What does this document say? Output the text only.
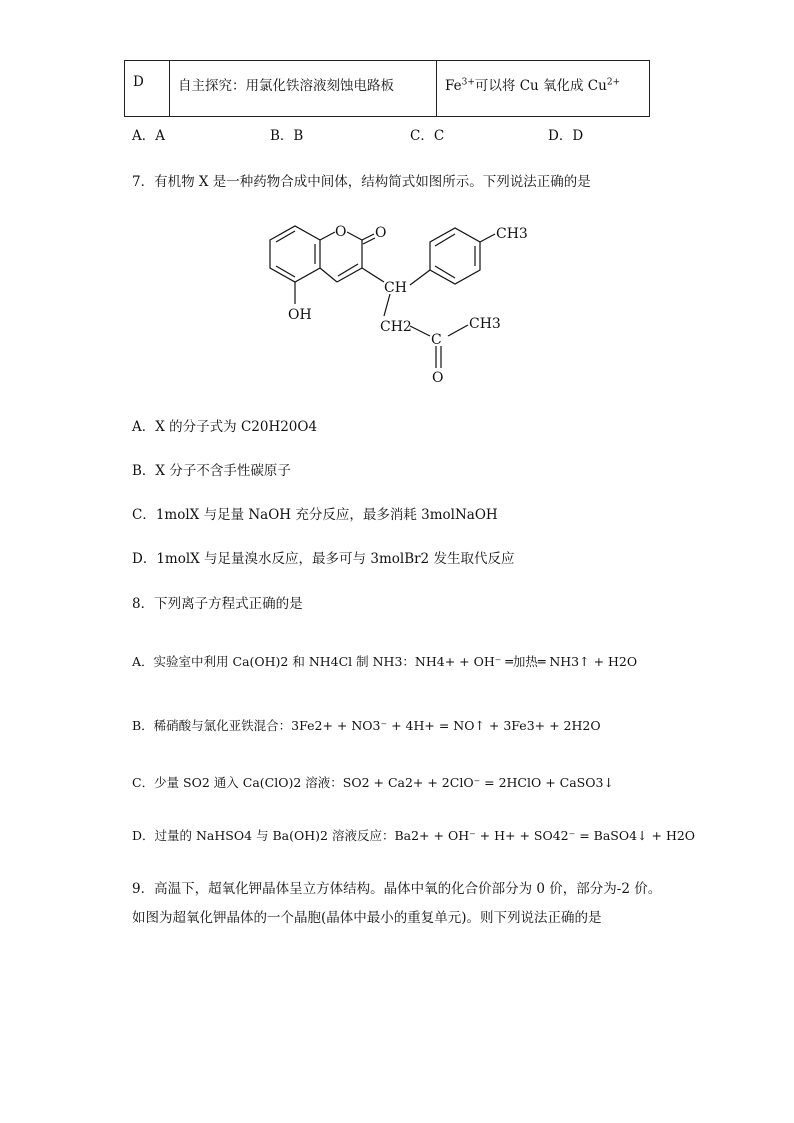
D	自主探究：用氯化铁溶液刻蚀电路板	$Fe^{3+}$可以将 Cu 氧化成 $Cu^{2+}$
A．A	B．B	C．C	D．D
7．有机物 X 是一种药物合成中间体，结构简式如图所示。下列说法正确的是
O O	CH3
CH
OH
CH2
C
CH3
O
A．X 的分子式为 C20H20O4
B．X 分子不含手性碳原子
C．1molX 与足量 NaOH 充分反应，最多消耗 3molNaOH
D．1molX 与足量溴水反应，最多可与 3molBr2 发生取代反应
8．下列离子方程式正确的是
A．实验室中利用 Ca(OH)2 和 NH4Cl 制 NH3：NH4+ + OH⁻ ═加热═ NH3↑ + H2O
B．稀硝酸与氯化亚铁混合：3Fe2+ + NO3⁻ + 4H+ = NO↑ + 3Fe3+ + 2H2O
C．少量 SO2 通入 Ca(ClO)2 溶液：SO2 + Ca2+ + 2ClO⁻ = 2HClO + CaSO3↓
D．过量的 NaHSO4 与 Ba(OH)2 溶液反应：Ba2+ + OH⁻ + H+ + SO42⁻ = BaSO4↓ + H2O
9．高温下，超氧化钾晶体呈立方体结构。晶体中氧的化合价部分为 0 价，部分为-2 价。
如图为超氧化钾晶体的一个晶胞(晶体中最小的重复单元)。则下列说法正确的是
